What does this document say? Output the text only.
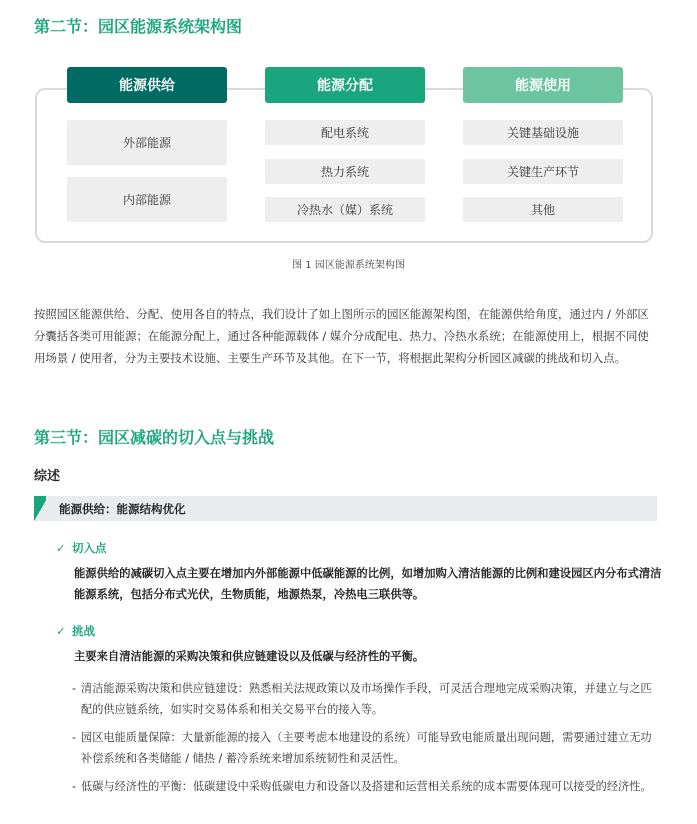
第二节：园区能源系统架构图
能源供给	能源分配	能源使用
外部能源
内部能源
配电系统
热力系统
冷热水（媒）系统
关键基础设施
关键生产环节
其他
图 1 园区能源系统架构图

按照园区能源供给、分配、使用各自的特点，我们设计了如上图所示的园区能源架构图，在能源供给角度，通过内 / 外部区分囊括各类可用能源；在能源分配上，通过各种能源载体 / 媒介分成配电、热力、冷热水系统；在能源使用上，根据不同使用场景 / 使用者，分为主要技术设施、主要生产环节及其他。在下一节，将根据此架构分析园区减碳的挑战和切入点。

第三节：园区减碳的切入点与挑战
综述
能源供给：能源结构优化
✓ 切入点

能源供给的减碳切入点主要在增加内外部能源中低碳能源的比例，如增加购入清洁能源的比例和建设园区内分布式清洁能源系统，包括分布式光伏，生物质能，地源热泵，冷热电三联供等。

✓ 挑战

主要来自清洁能源的采购决策和供应链建设以及低碳与经济性的平衡。

- 清洁能源采购决策和供应链建设：熟悉相关法规政策以及市场操作手段，可灵活合理地完成采购决策，并建立与之匹配的供应链系统，如实时交易体系和相关交易平台的接入等。
- 园区电能质量保障：大量新能源的接入（主要考虑本地建设的系统）可能导致电能质量出现问题，需要通过建立无功补偿系统和各类储能 / 储热 / 蓄冷系统来增加系统韧性和灵活性。
- 低碳与经济性的平衡：低碳建设中采购低碳电力和设备以及搭建和运营相关系统的成本需要体现可以接受的经济性。
